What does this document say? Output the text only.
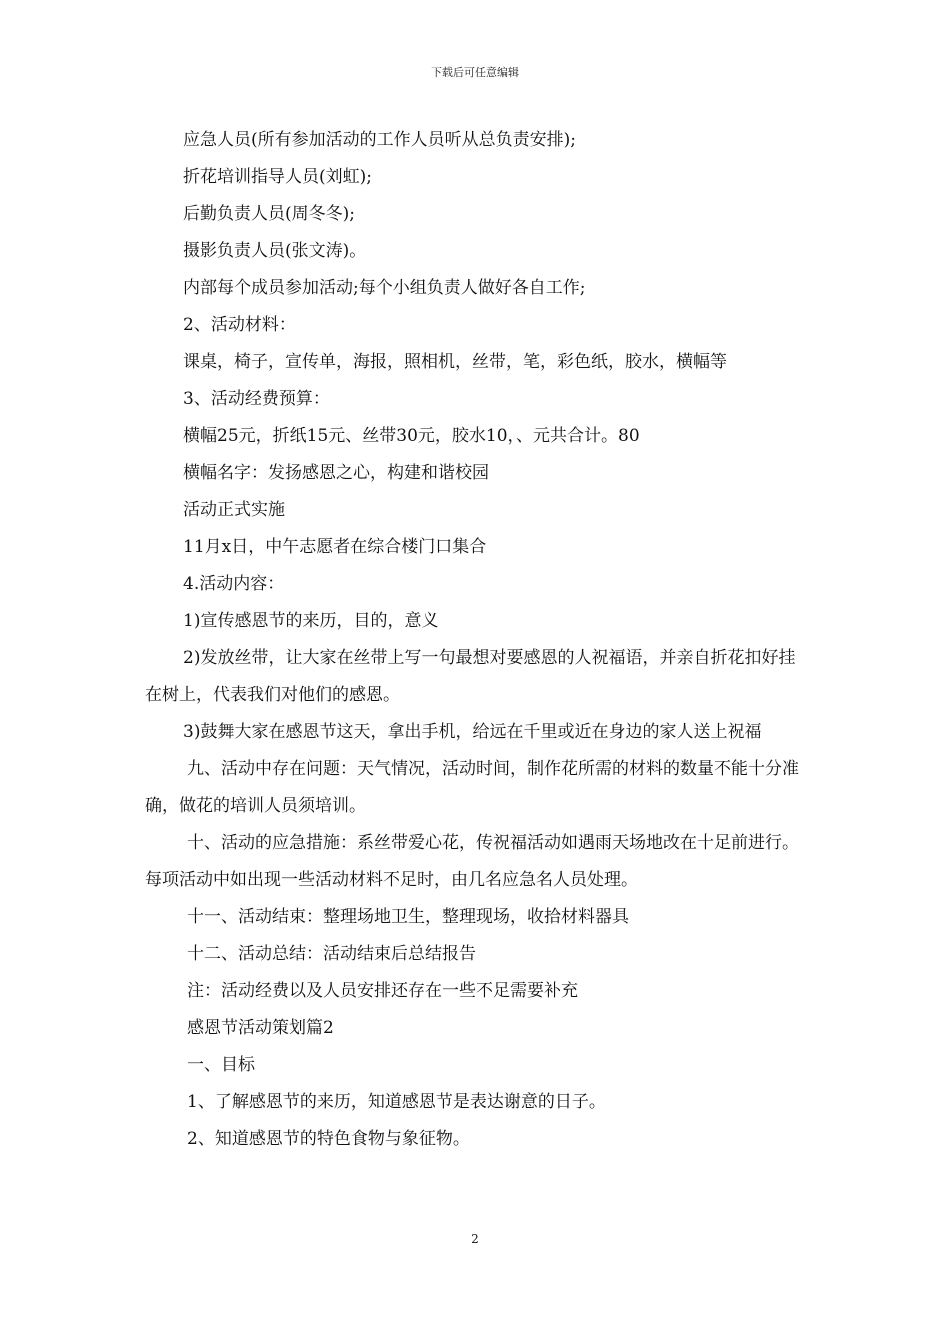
下载后可任意编辑

应急人员(所有参加活动的工作人员听从总负责安排);

折花培训指导人员(刘虹);

后勤负责人员(周冬冬);

摄影负责人员(张文涛)。

内部每个成员参加活动;每个小组负责人做好各自工作;

2、活动材料：

课桌，椅子，宣传单，海报，照相机，丝带，笔，彩色纸，胶水，横幅等

3、活动经费预算：

横幅25元，折纸15元、丝带30元，胶水10，、元共合计。80

横幅名字：发扬感恩之心，构建和谐校园

活动正式实施

11月x日，中午志愿者在综合楼门口集合

4.活动内容：

1)宣传感恩节的来历，目的，意义

2)发放丝带，让大家在丝带上写一句最想对要感恩的人祝福语，并亲自折花扣好挂在树上，代表我们对他们的感恩。

3)鼓舞大家在感恩节这天，拿出手机，给远在千里或近在身边的家人送上祝福

九、活动中存在问题：天气情况，活动时间，制作花所需的材料的数量不能十分准确，做花的培训人员须培训。

十、活动的应急措施：系丝带爱心花，传祝福活动如遇雨天场地改在十足前进行。每项活动中如出现一些活动材料不足时，由几名应急名人员处理。

十一、活动结束：整理场地卫生，整理现场，收拾材料器具

十二、活动总结：活动结束后总结报告

注：活动经费以及人员安排还存在一些不足需要补充

感恩节活动策划篇2

一、目标

1、了解感恩节的来历，知道感恩节是表达谢意的日子。

2、知道感恩节的特色食物与象征物。

2
